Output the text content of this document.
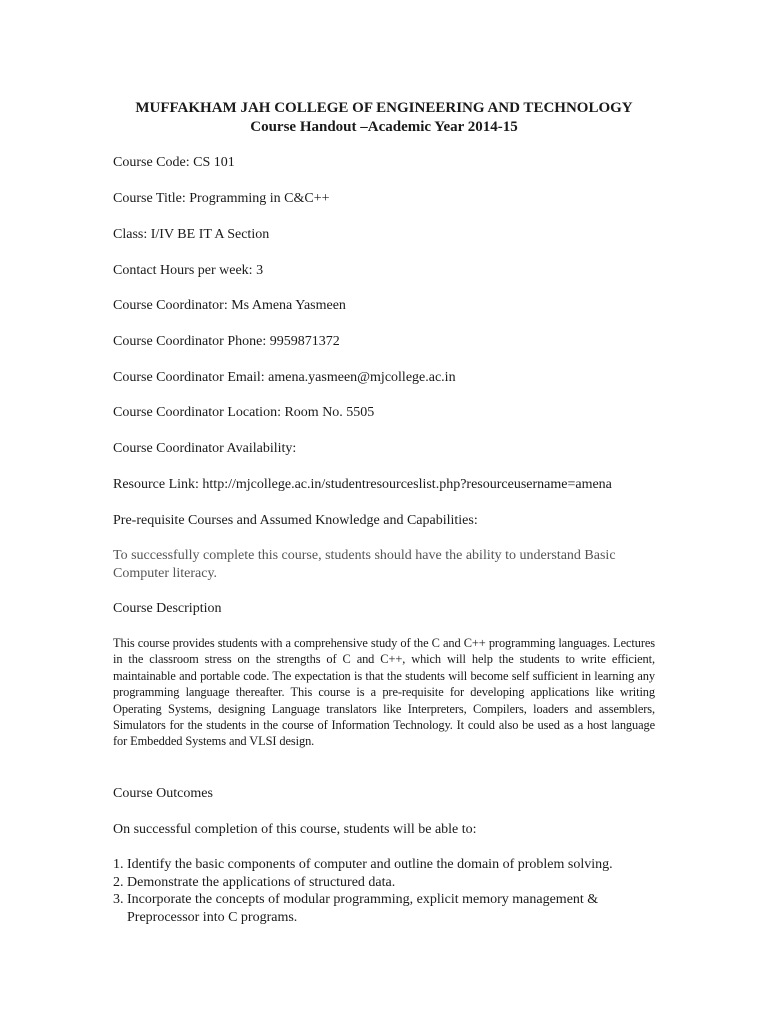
MUFFAKHAM JAH COLLEGE OF ENGINEERING AND TECHNOLOGY
Course Handout –Academic Year 2014-15
Course Code: CS 101
Course Title: Programming in C&C++
Class: I/IV BE IT A Section
Contact Hours per week: 3
Course Coordinator: Ms Amena Yasmeen
Course Coordinator Phone: 9959871372
Course Coordinator Email: amena.yasmeen@mjcollege.ac.in
Course Coordinator Location: Room No. 5505
Course Coordinator Availability:
Resource Link: http://mjcollege.ac.in/studentresourceslist.php?resourceusername=amena
Pre-requisite Courses and Assumed Knowledge and Capabilities:
To successfully complete this course, students should have the ability to understand Basic Computer literacy.
Course Description
This course provides students with a comprehensive study of the C and C++ programming languages. Lectures in the classroom stress on the strengths of C and C++, which will help the students to write efficient, maintainable and portable code. The expectation is that the students will become self sufficient in learning any programming language thereafter. This course is a pre-requisite for developing applications like writing Operating Systems, designing Language translators like Interpreters, Compilers, loaders and assemblers, Simulators for the students in the course of Information Technology. It could also be used as a host language for Embedded Systems and VLSI design.
Course Outcomes
On successful completion of this course, students will be able to:
1. Identify the basic components of computer and outline the domain of problem solving.
2. Demonstrate the applications of structured data.
3. Incorporate the concepts of modular programming, explicit memory management & Preprocessor into C programs.
